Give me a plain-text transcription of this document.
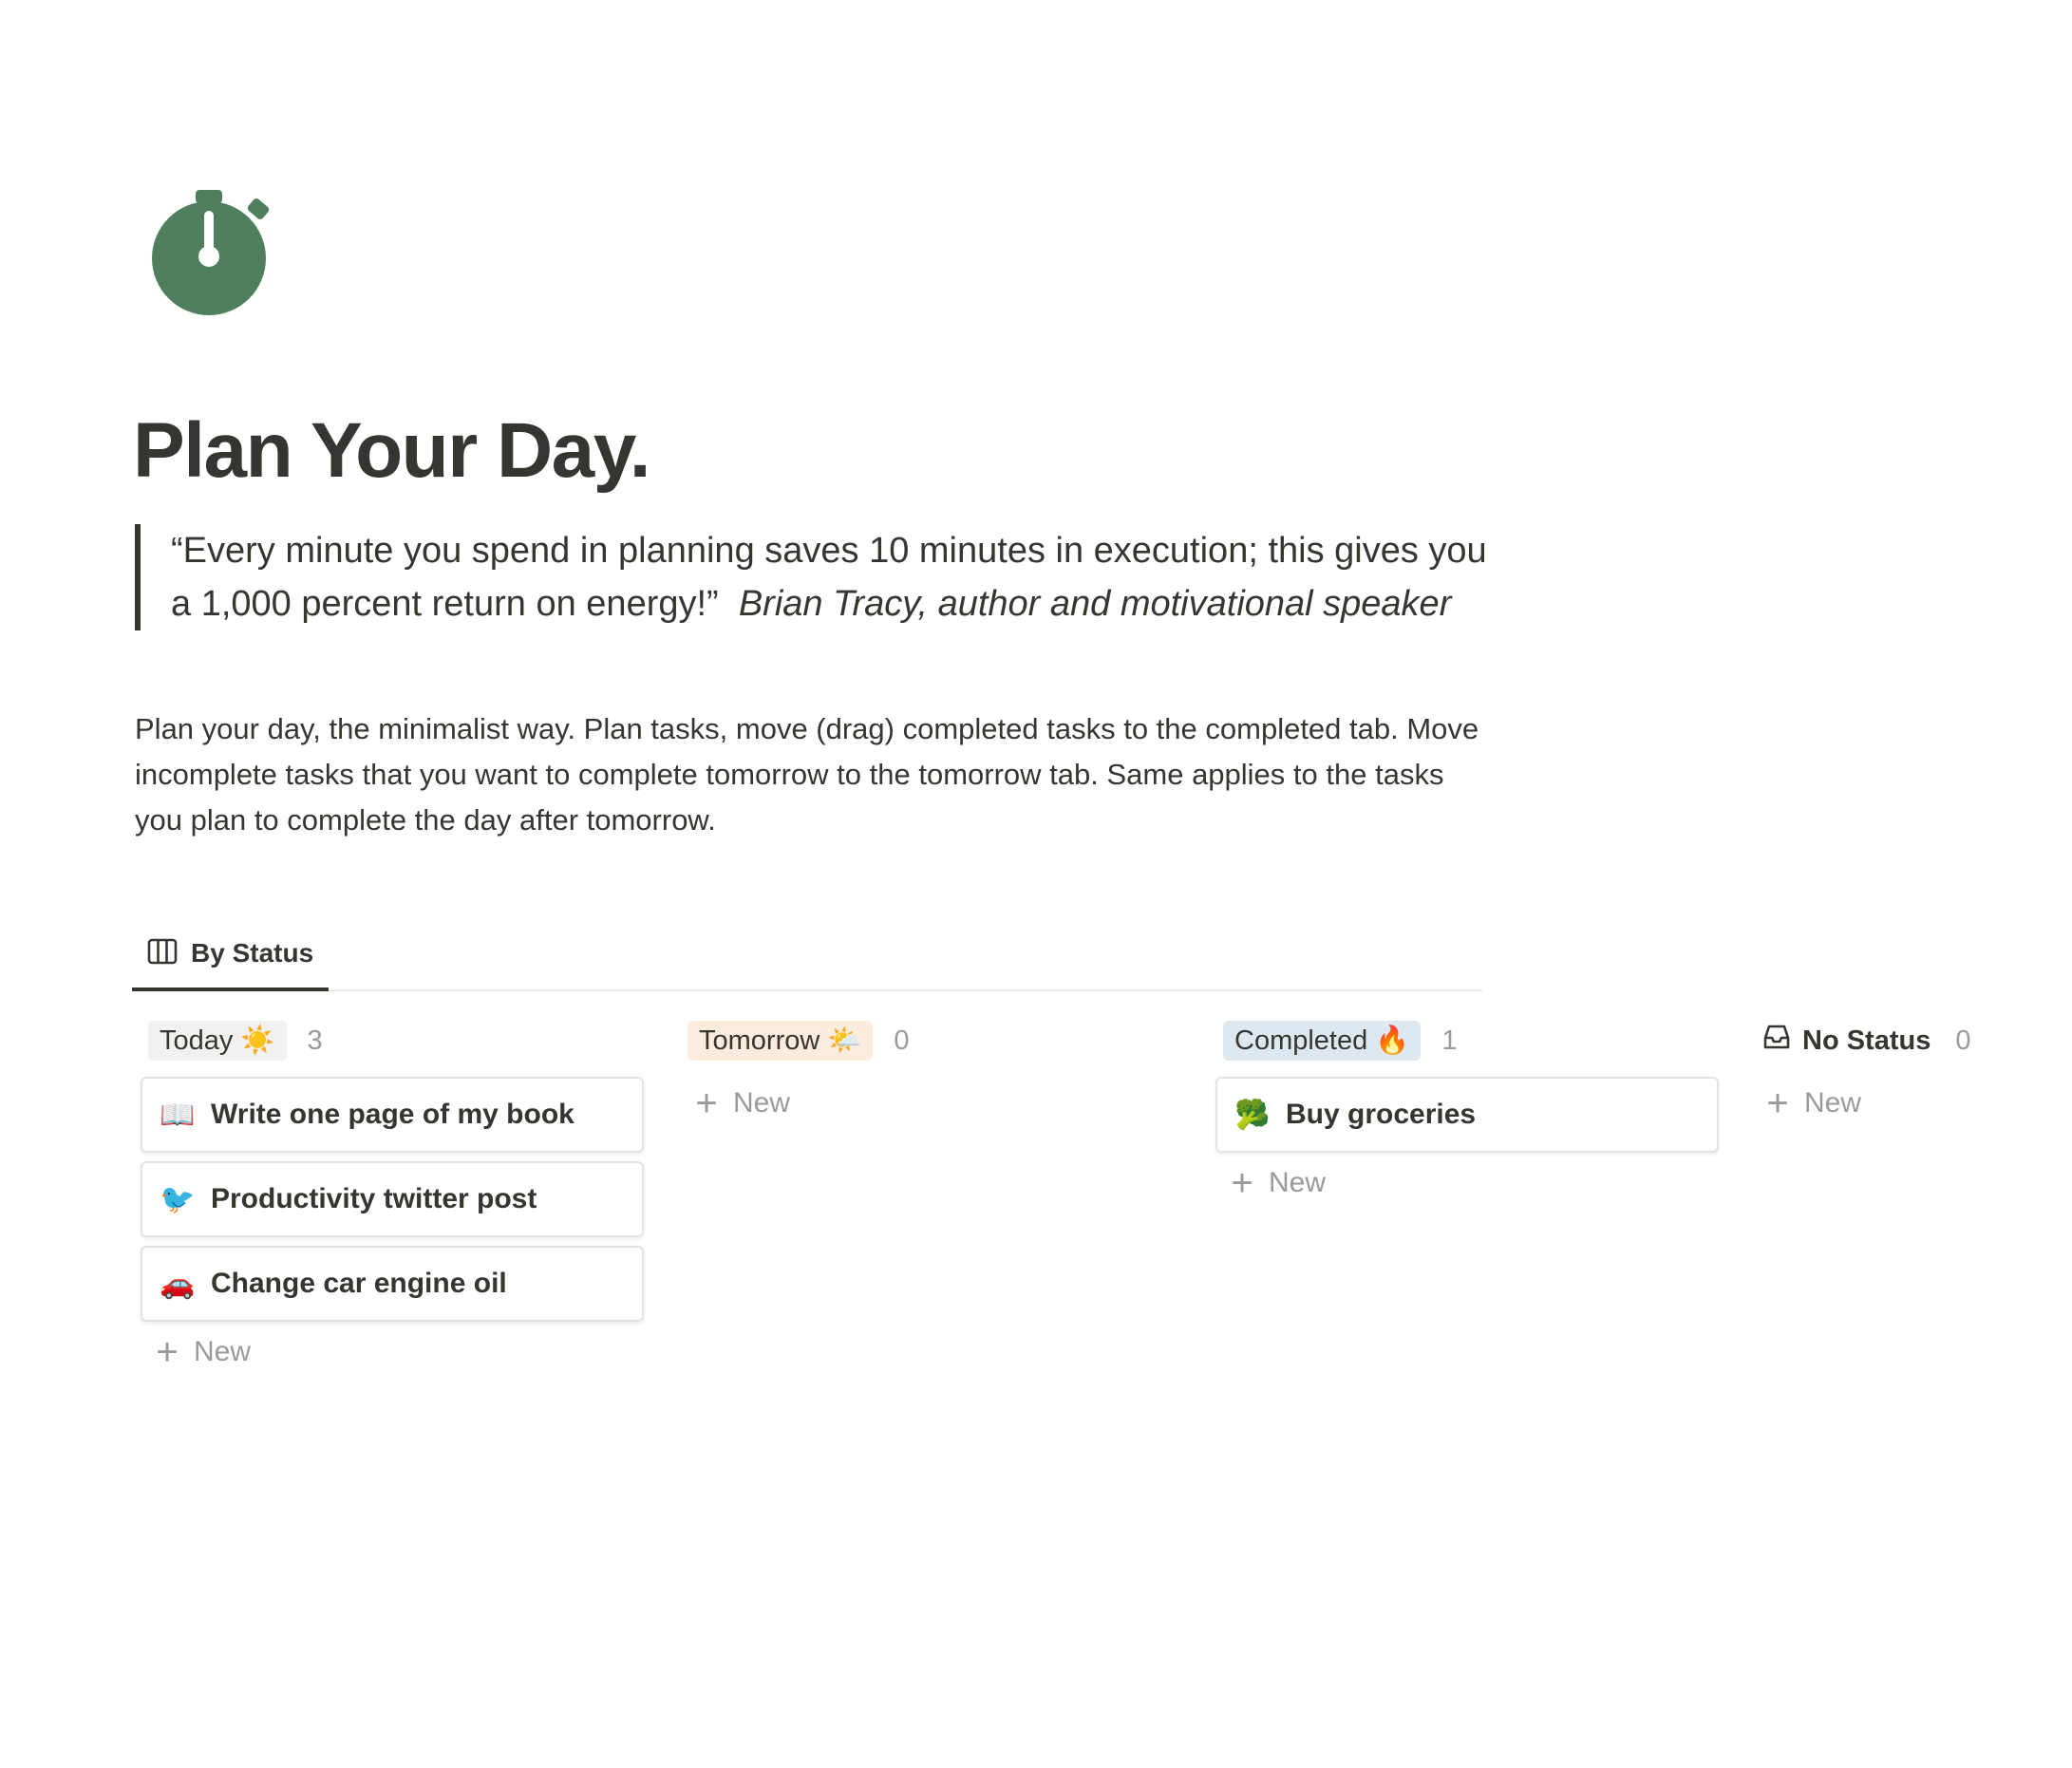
Plan Your Day.
“Every minute you spend in planning saves 10 minutes in execution; this gives you a 1,000 percent return on energy!” Brian Tracy, author and motivational speaker
Plan your day, the minimalist way. Plan tasks, move (drag) completed tasks to the completed tab. Move incomplete tasks that you want to complete tomorrow to the tomorrow tab. Same applies to the tasks you plan to complete the day after tomorrow.
By Status
Today ☀️ 3
📖 Write one page of my book
🐦 Productivity twitter post
🚗 Change car engine oil
+ New
Tomorrow 🌤️ 0
+ New
Completed 🔥 1
🥦 Buy groceries
+ New
No Status 0
+ New
